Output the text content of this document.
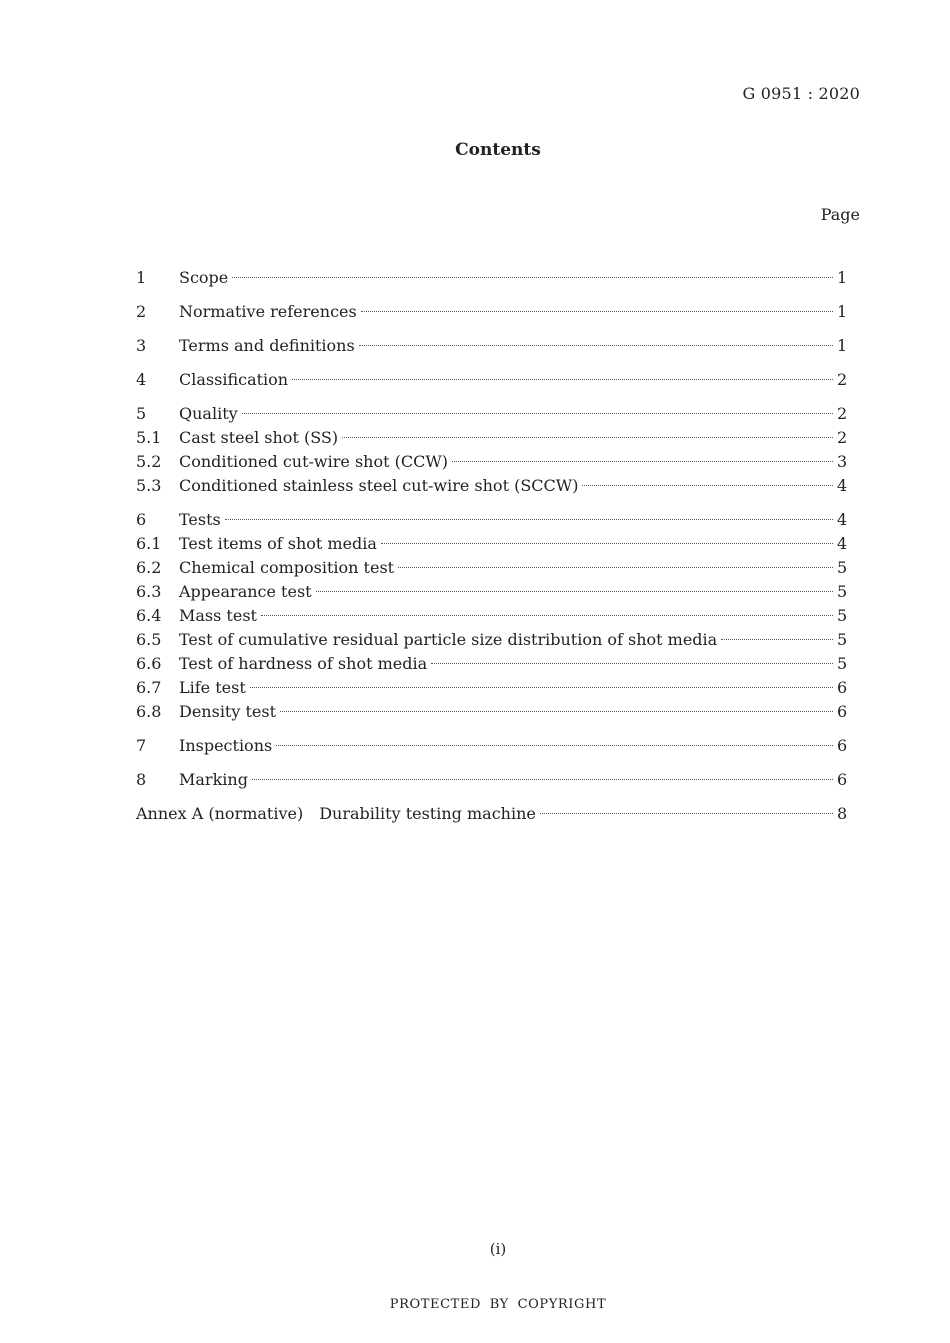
G 0951 : 2020
Contents
Page
1	Scope	1
2	Normative references	1
3	Terms and definitions	1
4	Classification	2
5	Quality	2
5.1	Cast steel shot (SS)	2
5.2	Conditioned cut-wire shot (CCW)	3
5.3	Conditioned stainless steel cut-wire shot (SCCW)	4
6	Tests	4
6.1	Test items of shot media	4
6.2	Chemical composition test	5
6.3	Appearance test	5
6.4	Mass test	5
6.5	Test of cumulative residual particle size distribution of shot media	5
6.6	Test of hardness of shot media	5
6.7	Life test	6
6.8	Density test	6
7	Inspections	6
8	Marking	6
Annex A (normative) Durability testing machine	8
(i)
PROTECTED BY COPYRIGHT
